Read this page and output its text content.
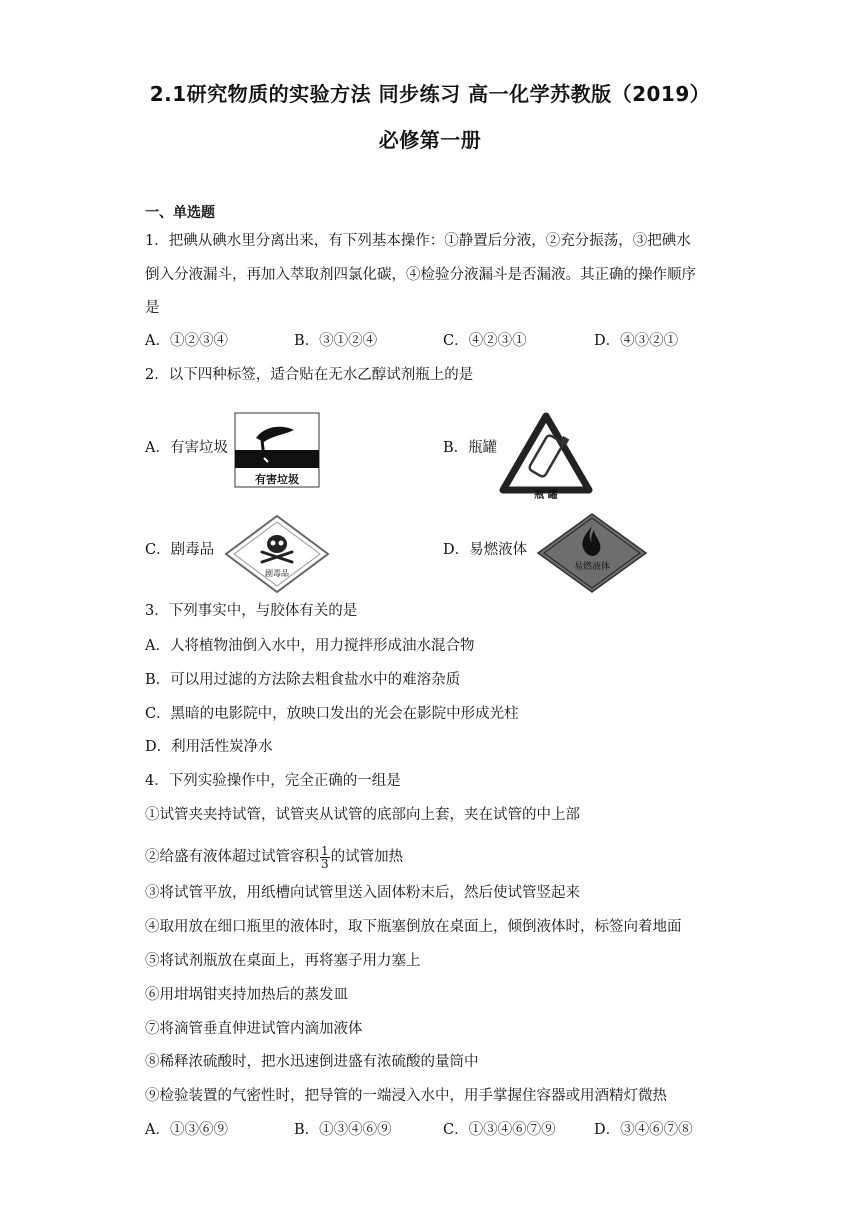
2.1研究物质的实验方法 同步练习 高一化学苏教版（2019）
必修第一册
一、单选题
1．把碘从碘水里分离出来，有下列基本操作：①静置后分液，②充分振荡，③把碘水
倒入分液漏斗，再加入萃取剂四氯化碳，④检验分液漏斗是否漏液。其正确的操作顺序
是
A．①②③④	B．③①②④	C．④②③①	D．④③②①
2．以下四种标签，适合贴在无水乙醇试剂瓶上的是
A．有害垃圾
有害垃圾
B．瓶罐
瓶 罐
C．剧毒品
剧毒品
D．易燃液体
易燃液体
3．下列事实中，与胶体有关的是
A．人将植物油倒入水中，用力搅拌形成油水混合物
B．可以用过滤的方法除去粗食盐水中的难溶杂质
C．黑暗的电影院中，放映口发出的光会在影院中形成光柱
D．利用活性炭净水
4．下列实验操作中，完全正确的一组是
①试管夹夹持试管，试管夹从试管的底部向上套，夹在试管的中上部
②给盛有液体超过试管容积 $\frac{1}{3}$ 的试管加热
③将试管平放，用纸槽向试管里送入固体粉末后，然后使试管竖起来
④取用放在细口瓶里的液体时，取下瓶塞倒放在桌面上，倾倒液体时，标签向着地面
⑤将试剂瓶放在桌面上，再将塞子用力塞上
⑥用坩埚钳夹持加热后的蒸发皿
⑦将滴管垂直伸进试管内滴加液体
⑧稀释浓硫酸时，把水迅速倒进盛有浓硫酸的量筒中
⑨检验装置的气密性时，把导管的一端浸入水中，用手掌握住容器或用酒精灯微热
A．①③⑥⑨	B．①③④⑥⑨	C．①③④⑥⑦⑨	D．③④⑥⑦⑧
